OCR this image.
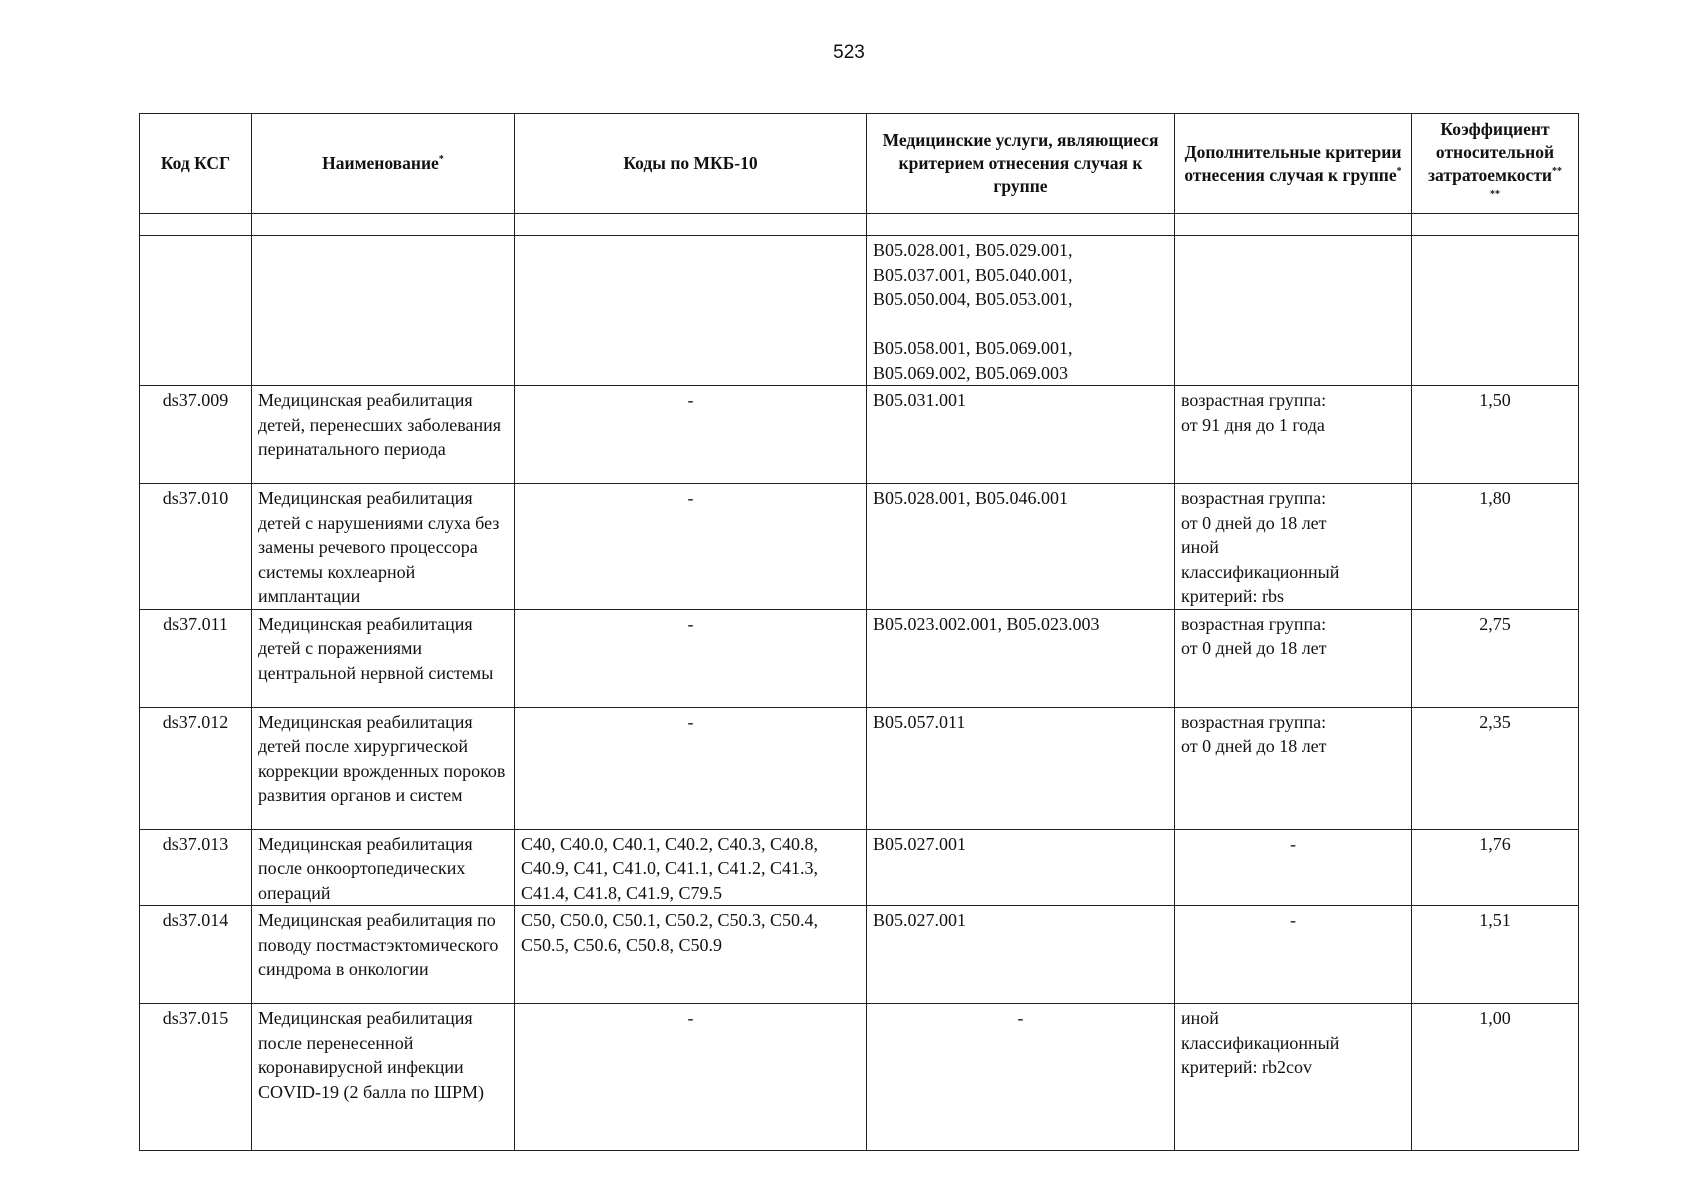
523
Код КСГ	Наименование*	Коды по МКБ-10	Медицинские услуги, являющиеся критерием отнесения случая к группе	Дополнительные критерии отнесения случая к группе*	Коэффициент относительной затратоемкости**
**

			В05.028.001, В05.029.001,
В05.037.001, В05.040.001,
В05.050.004, В05.053.001,

В05.058.001, В05.069.001,
В05.069.002, В05.069.003		
ds37.009	Медицинская реабилитация детей, перенесших заболевания перинатального периода	-	В05.031.001	возрастная группа:
от 91 дня до 1 года	1,50
ds37.010	Медицинская реабилитация детей с нарушениями слуха без замены речевого процессора системы кохлеарной имплантации	-	В05.028.001, В05.046.001	возрастная группа:
от 0 дней до 18 лет
иной
классификационный
критерий: rbs	1,80
ds37.011	Медицинская реабилитация детей с поражениями центральной нервной системы	-	В05.023.002.001, В05.023.003	возрастная группа:
от 0 дней до 18 лет	2,75
ds37.012	Медицинская реабилитация детей после хирургической коррекции врожденных пороков развития органов и систем	-	В05.057.011	возрастная группа:
от 0 дней до 18 лет	2,35
ds37.013	Медицинская реабилитация после онкоортопедических операций	С40, С40.0, С40.1, С40.2, С40.3, С40.8, С40.9, С41, С41.0, С41.1, С41.2, С41.3, С41.4, С41.8, С41.9, С79.5	В05.027.001	-	1,76
ds37.014	Медицинская реабилитация по поводу постмастэктомического синдрома в онкологии	С50, С50.0, С50.1, С50.2, С50.3, С50.4, С50.5, С50.6, С50.8, С50.9	В05.027.001	-	1,51
ds37.015	Медицинская реабилитация после перенесенной коронавирусной инфекции COVID-19 (2 балла по ШРМ)	-	-	иной
классификационный
критерий: rb2cov	1,00
